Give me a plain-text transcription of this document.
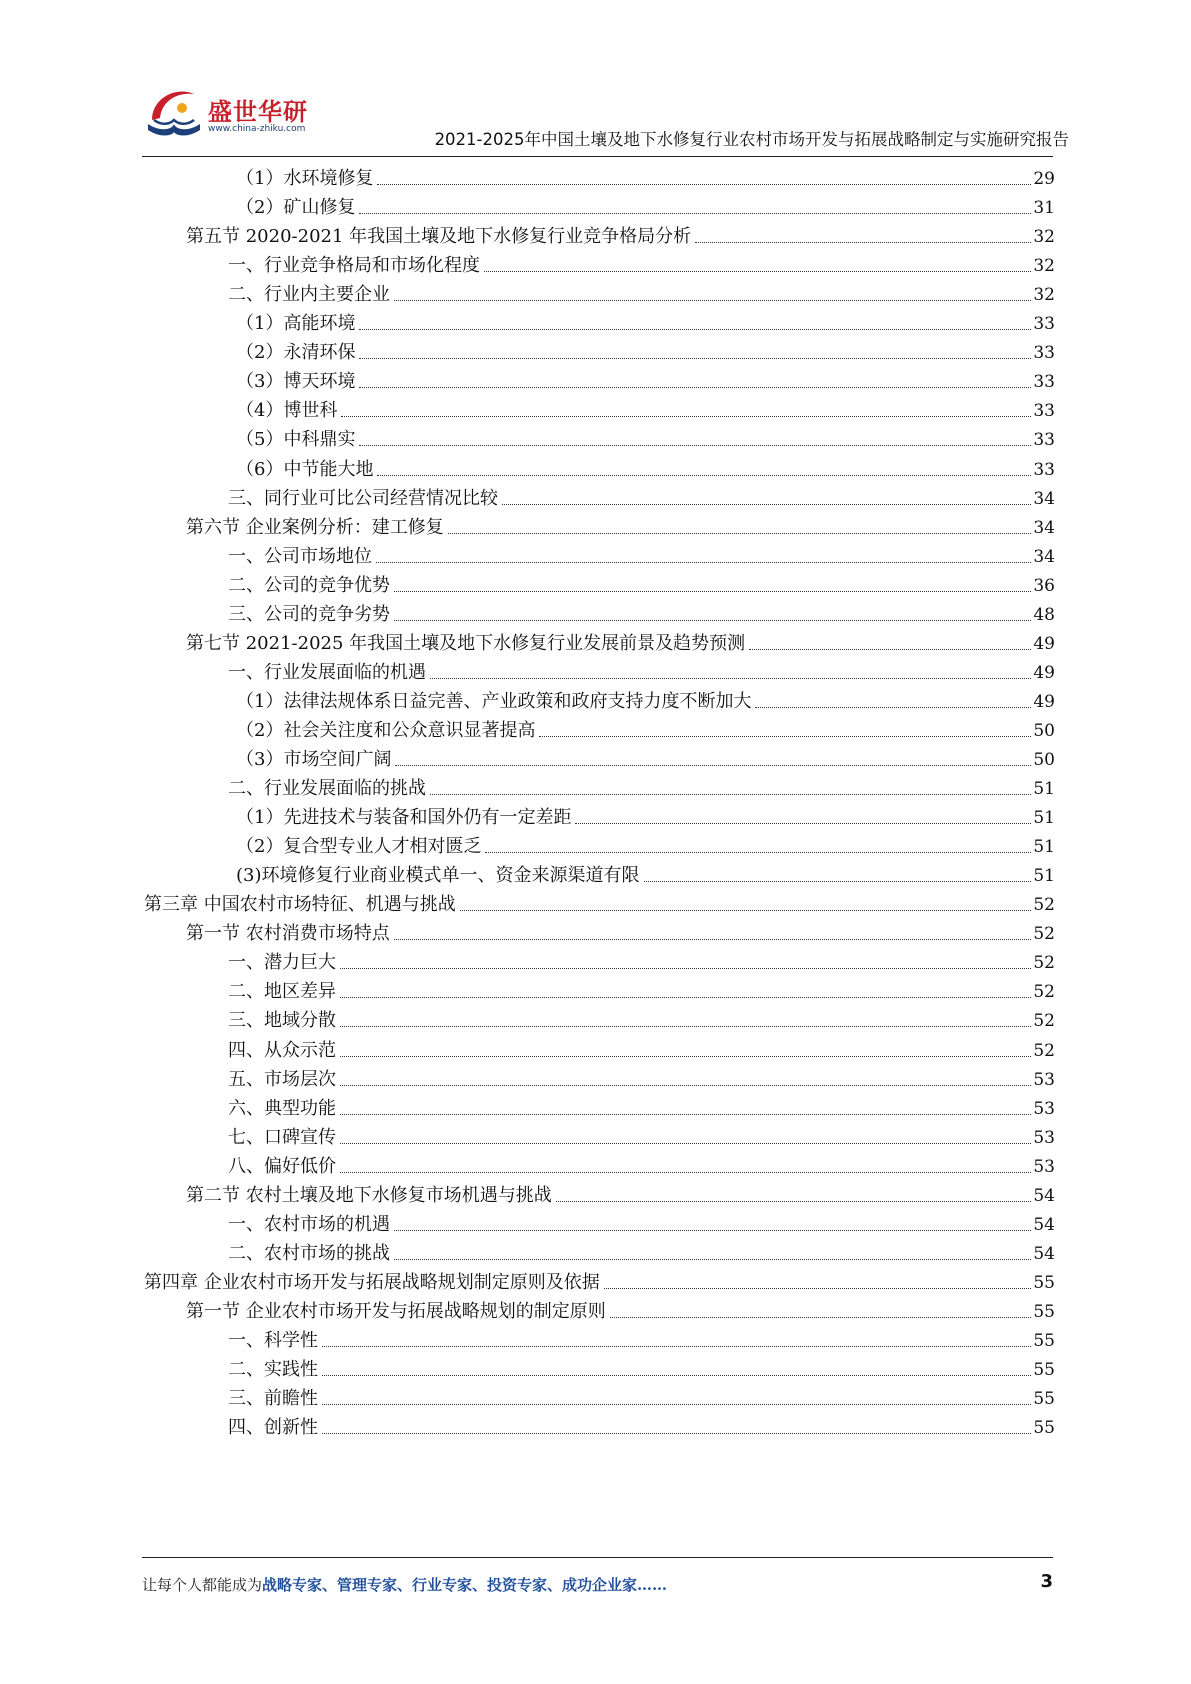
盛世华研
www.china-zhiku.com
2021-2025年中国土壤及地下水修复行业农村市场开发与拓展战略制定与实施研究报告
（1）水环境修复	29
（2）矿山修复	31
第五节 2020-2021 年我国土壤及地下水修复行业竞争格局分析	32
一、行业竞争格局和市场化程度	32
二、行业内主要企业	32
（1）高能环境	33
（2）永清环保	33
（3）博天环境	33
（4）博世科	33
（5）中科鼎实	33
（6）中节能大地	33
三、同行业可比公司经营情况比较	34
第六节 企业案例分析：建工修复	34
一、公司市场地位	34
二、公司的竞争优势	36
三、公司的竞争劣势	48
第七节 2021-2025 年我国土壤及地下水修复行业发展前景及趋势预测	49
一、行业发展面临的机遇	49
（1）法律法规体系日益完善、产业政策和政府支持力度不断加大	49
（2）社会关注度和公众意识显著提高	50
（3）市场空间广阔	50
二、行业发展面临的挑战	51
（1）先进技术与装备和国外仍有一定差距	51
（2）复合型专业人才相对匮乏	51
(3)环境修复行业商业模式单一、资金来源渠道有限	51
第三章 中国农村市场特征、机遇与挑战	52
第一节 农村消费市场特点	52
一、潜力巨大	52
二、地区差异	52
三、地域分散	52
四、从众示范	52
五、市场层次	53
六、典型功能	53
七、口碑宣传	53
八、偏好低价	53
第二节 农村土壤及地下水修复市场机遇与挑战	54
一、农村市场的机遇	54
二、农村市场的挑战	54
第四章 企业农村市场开发与拓展战略规划制定原则及依据	55
第一节 企业农村市场开发与拓展战略规划的制定原则	55
一、科学性	55
二、实践性	55
三、前瞻性	55
四、创新性	55
让每个人都能成为战略专家、管理专家、行业专家、投资专家、成功企业家……	3
